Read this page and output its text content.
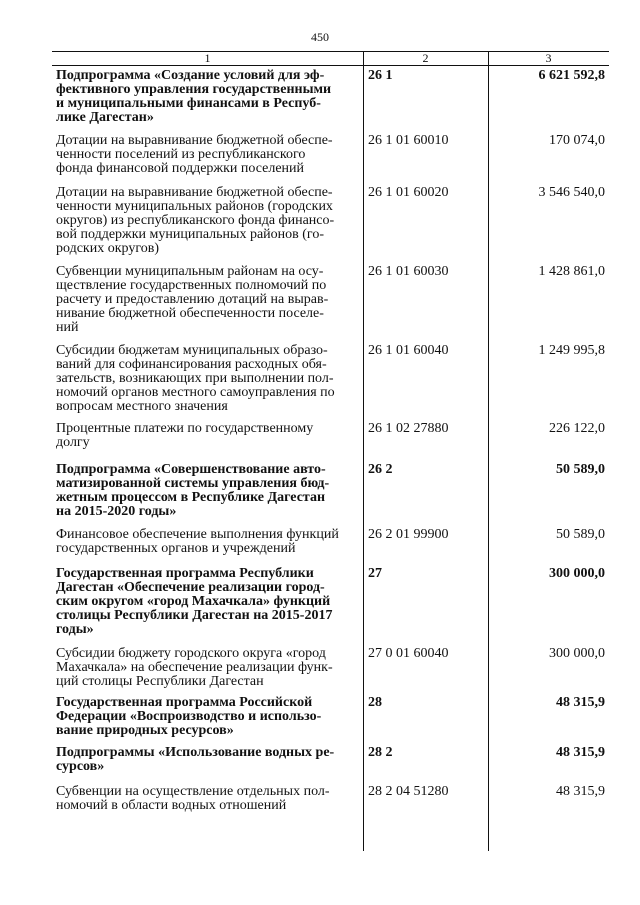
450
1	2	3
Подпрограмма «Создание условий для эф-
фективного управления государственными
и муниципальными финансами в Респуб-
лике Дагестан»
26 1	6 621 592,8
Дотации на выравнивание бюджетной обеспе-
ченности поселений из республиканского
фонда финансовой поддержки поселений
26 1 01 60010	170 074,0
Дотации на выравнивание бюджетной обеспе-
ченности муниципальных районов (городских
округов) из республиканского фонда финансо-
вой поддержки муниципальных районов (го-
родских округов)
26 1 01 60020	3 546 540,0
Субвенции муниципальным районам на осу-
ществление государственных полномочий по
расчету и предоставлению дотаций на вырав-
нивание бюджетной обеспеченности поселе-
ний
26 1 01 60030	1 428 861,0
Субсидии бюджетам муниципальных образо-
ваний для софинансирования расходных обя-
зательств, возникающих при выполнении пол-
номочий органов местного самоуправления по
вопросам местного значения
26 1 01 60040	1 249 995,8
Процентные платежи по государственному
долгу
26 1 02 27880	226 122,0
Подпрограмма «Совершенствование авто-
матизированной системы управления бюд-
жетным процессом в Республике Дагестан
на 2015-2020 годы»
26 2	50 589,0
Финансовое обеспечение выполнения функций
государственных органов и учреждений
26 2 01 99900	50 589,0
Государственная программа Республики
Дагестан «Обеспечение реализации город-
ским округом «город Махачкала» функций
столицы Республики Дагестан на 2015-2017
годы»
27	300 000,0
Субсидии бюджету городского округа «город
Махачкала» на обеспечение реализации функ-
ций столицы Республики Дагестан
27 0 01 60040	300 000,0
Государственная программа Российской
Федерации «Воспроизводство и использо-
вание природных ресурсов»
28	48 315,9
Подпрограммы «Использование водных ре-
сурсов»
28 2	48 315,9
Субвенции на осуществление отдельных пол-
номочий в области водных отношений
28 2 04 51280	48 315,9
